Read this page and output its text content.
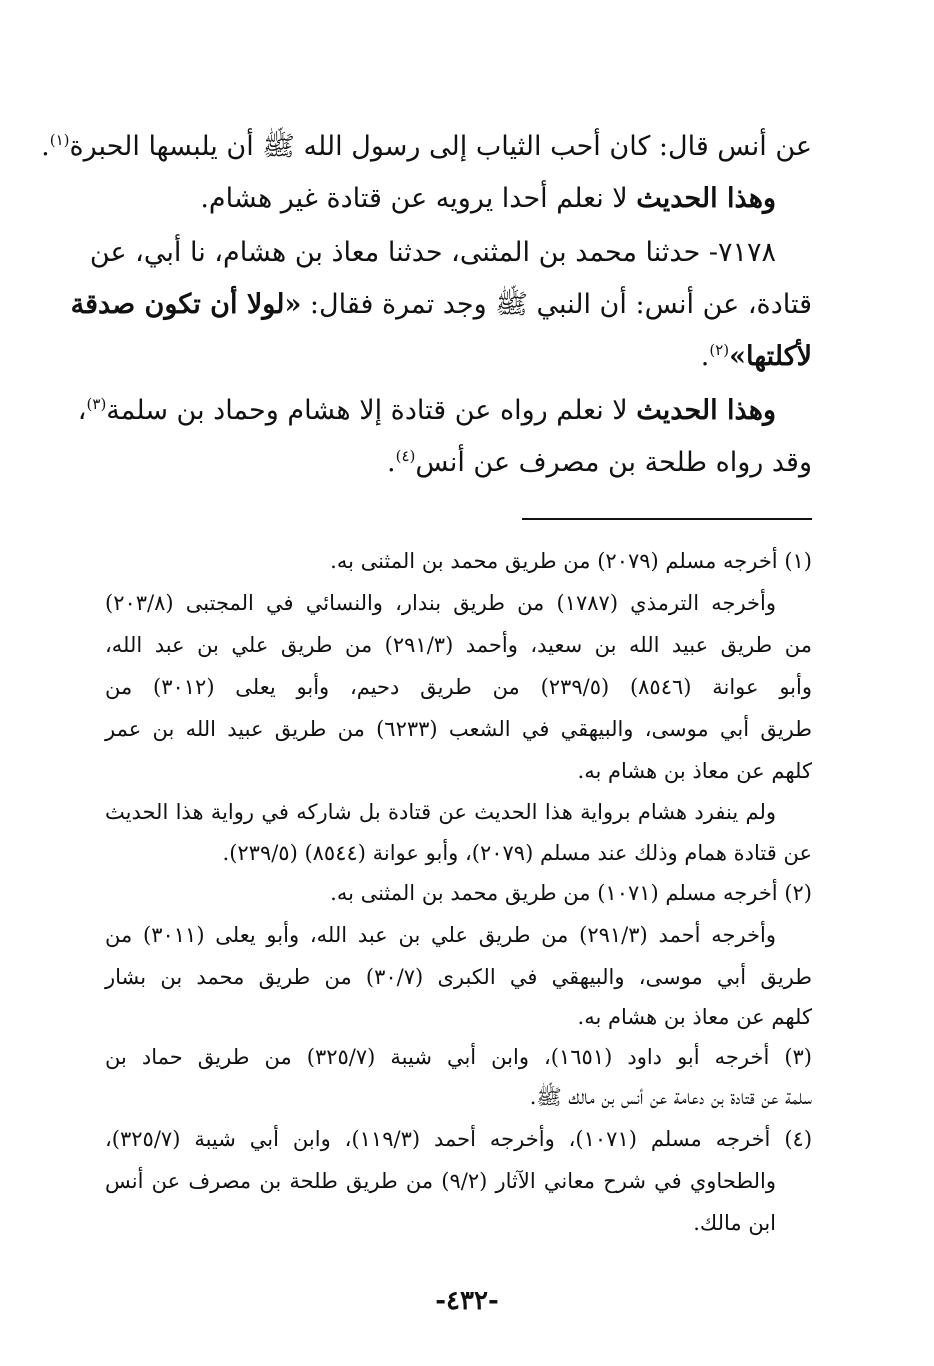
عن أنس قال: كان أحب الثياب إلى رسول الله ﷺ أن يلبسها الحبرة$^{(١)}$.
وهذا الحديث لا نعلم أحدا يرويه عن قتادة غير هشام.
٧١٧٨- حدثنا محمد بن المثنى، حدثنا معاذ بن هشام، نا أبي، عن
قتادة، عن أنس: أن النبي ﷺ وجد تمرة فقال: «لولا أن تكون صدقة
لأكلتها»$^{(٢)}$.
وهذا الحديث لا نعلم رواه عن قتادة إلا هشام وحماد بن سلمة$^{(٣)}$،
وقد رواه طلحة بن مصرف عن أنس$^{(٤)}$.
(١) أخرجه مسلم (٢٠٧٩) من طريق محمد بن المثنى به.
وأخرجه الترمذي (١٧٨٧) من طريق بندار، والنسائي في المجتبى (٢٠٣/٨)
من طريق عبيد الله بن سعيد، وأحمد (٢٩١/٣) من طريق علي بن عبد الله،
وأبو عوانة (٨٥٤٦) (٢٣٩/٥) من طريق دحيم، وأبو يعلى (٣٠١٢) من
طريق أبي موسى، والبيهقي في الشعب (٦٢٣٣) من طريق عبيد الله بن عمر
كلهم عن معاذ بن هشام به.
ولم ينفرد هشام برواية هذا الحديث عن قتادة بل شاركه في رواية هذا الحديث
عن قتادة همام وذلك عند مسلم (٢٠٧٩)، وأبو عوانة (٨٥٤٤) (٢٣٩/٥).
(٢) أخرجه مسلم (١٠٧١) من طريق محمد بن المثنى به.
وأخرجه أحمد (٢٩١/٣) من طريق علي بن عبد الله، وأبو يعلى (٣٠١١) من
طريق أبي موسى، والبيهقي في الكبرى (٣٠/٧) من طريق محمد بن بشار
كلهم عن معاذ بن هشام به.
(٣) أخرجه أبو داود (١٦٥١)، وابن أبي شيبة (٣٢٥/٧) من طريق حماد بن
سلمة عن قتادة بن دعامة عن أنس بن مالك ﷺ.
(٤) أخرجه مسلم (١٠٧١)، وأخرجه أحمد (١١٩/٣)، وابن أبي شيبة (٣٢٥/٧)،
والطحاوي في شرح معاني الآثار (٩/٢) من طريق طلحة بن مصرف عن أنس
ابن مالك.
-٤٣٢-
